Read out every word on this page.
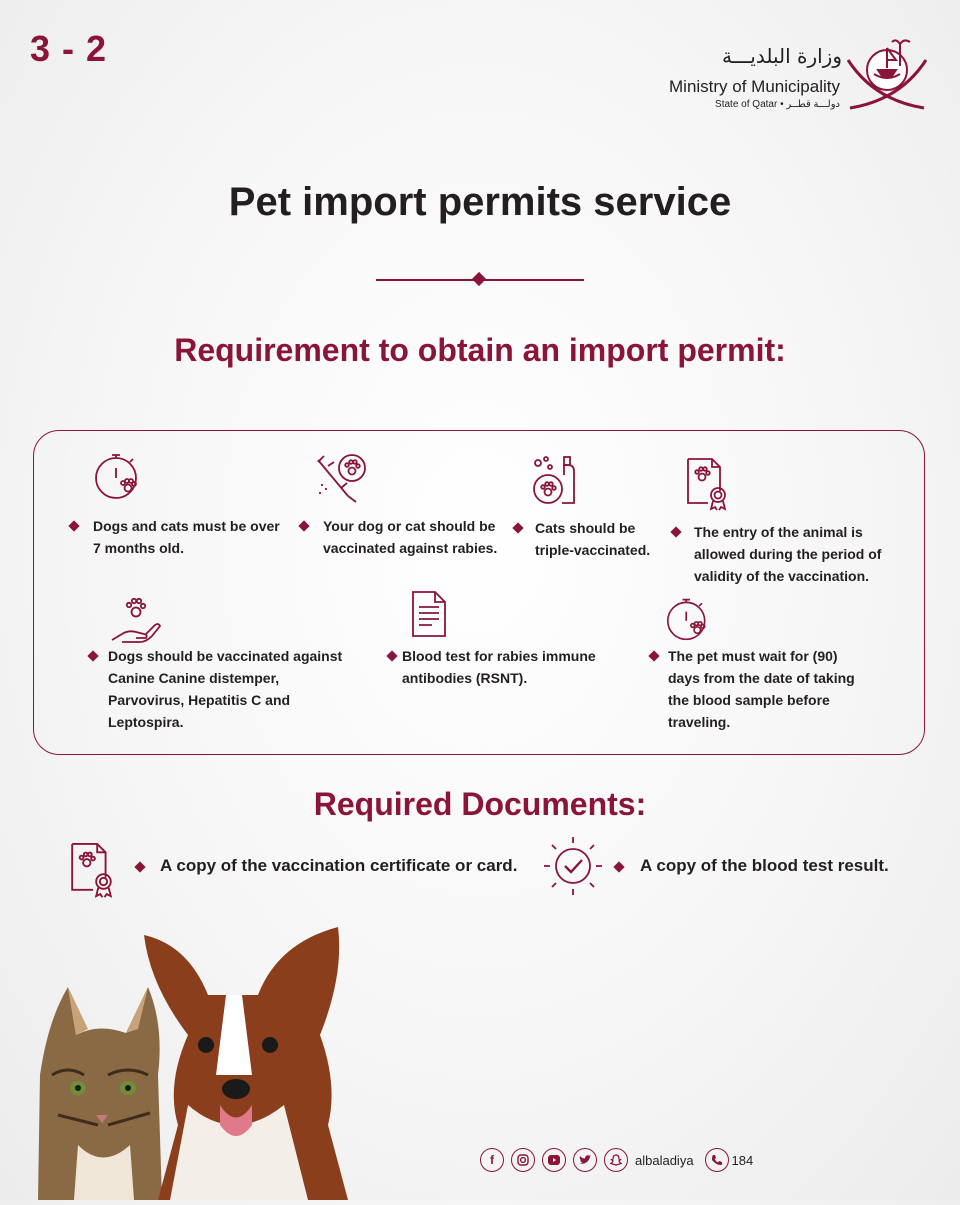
3 - 2	وزارة البلديـــة
Ministry of Municipality
State of Qatar • دولـــة قطــر
Pet import permits service
Requirement to obtain an import permit:
Dogs and cats must be over 7 months old.
Your dog or cat should be vaccinated against rabies.
Cats should be triple-vaccinated.
The entry of the animal is allowed during the period of validity of the vaccination.
Dogs should be vaccinated against Canine Canine distemper, Parvovirus, Hepatitis C and Leptospira.
Blood test for rabies immune antibodies (RSNT).
The pet must wait for (90) days from the date of taking the blood sample before traveling.
Required Documents:
A copy of the vaccination certificate or card.	A copy of the blood test result.
f	albaladiya	184
